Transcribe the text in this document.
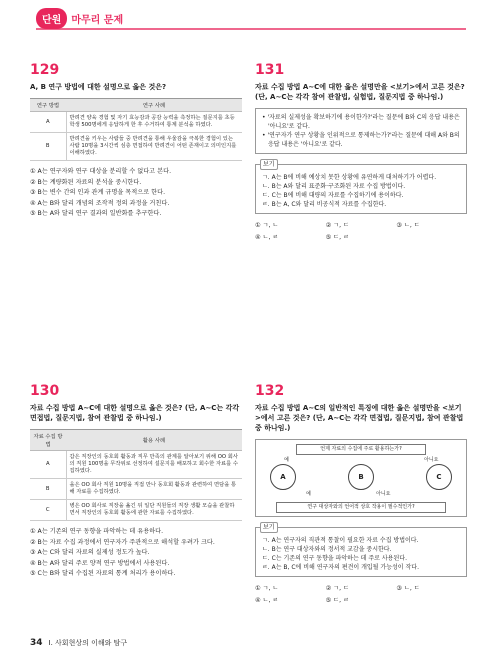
단원	마무리 문제
129
A, B 연구 방법에 대한 설명으로 옳은 것은?
연구 방법	연구 사례
A	반려견 양육 경험 및 자기 효능감과 공감 능력을 측정하는 질문지를 초등학생 500명에게 응답하게 한 후 수거하여 통계 분석을 하였다.
B	반려견을 키우는 사람들 중 반려견을 통해 우울감을 극복한 경험이 있는 사람 10명을 3시간씩 심층 면접하여 반려견이 어떤 존재이고 의미인지를 이해하였다.
① A는 연구자와 연구 대상을 분리할 수 없다고 본다.
② B는 계량화된 자료의 분석을 중시한다.
③ B는 변수 간의 인과 관계 규명을 목적으로 한다.
④ A는 B와 달리 개념의 조작적 정의 과정을 거친다.
⑤ B는 A와 달리 연구 결과의 일반화를 추구한다.
130
자료 수집 방법 A~C에 대한 설명으로 옳은 것은? (단, A~C는 각각 면접법, 질문지법, 참여 관찰법 중 하나임.)
자료 수집 방법	활용 사례
A	갑은 직장인의 동호회 활동과 직무 만족의 관계를 알아보기 위해 OO 회사의 직원 100명을 무작위로 선정하여 설문지를 배포하고 회수한 자료를 수집하였다.
B	을은 OO 회사 직원 10명을 직접 만나 동호회 활동과 관련하여 면담을 통해 자료를 수집하였다.
C	병은 OO 회사로 직장을 옮긴 뒤 일단 직원들의 직장 생활 모습을 관찰하면서 직장인의 동호회 활동에 관한 자료를 수집하였다.
① A는 기존의 연구 동향을 파악하는 데 유용하다.
② B는 자료 수집 과정에서 연구자가 주관적으로 해석할 우려가 크다.
③ A는 C와 달리 자료의 실제성 정도가 높다.
④ B는 A와 달리 주로 양적 연구 방법에서 사용된다.
⑤ C는 B와 달리 수집된 자료의 통계 처리가 용이하다.
131
자료 수집 방법 A~C에 대한 옳은 설명만을 <보기>에서 고른 것은? (단, A~C는 각각 참여 관찰법, 실험법, 질문지법 중 하나임.)
• '자료의 실제성을 확보하기에 용이한가?'라는 질문에 B와 C의 응답 내용은 '아니요'로 같다.
• '연구자가 연구 상황을 인위적으로 통제하는가?'라는 질문에 대해 A와 B의 응답 내용은 '아니요'로 같다.
보기
ㄱ. A는 B에 비해 예상치 못한 상황에 유연하게 대처하기가 어렵다.
ㄴ. B는 A와 달리 표준화·구조화된 자료 수집 방법이다.
ㄷ. C는 B에 비해 대량의 자료를 수집하기에 용이하다.
ㄹ. B는 A, C와 달리 비공식적 자료를 수집한다.
① ㄱ, ㄴ	② ㄱ, ㄷ	③ ㄴ, ㄷ
④ ㄴ, ㄹ	⑤ ㄷ, ㄹ
132
자료 수집 방법 A~C의 일반적인 특징에 대한 옳은 설명만을 <보기>에서 고른 것은? (단, A~C는 각각 면접법, 질문지법, 참여 관찰법 중 하나임.)
언제 자료의 수집에 주로 활용하는가?
예	아니요
A	B	C
예	아니요
연구 대상자와의 언어적 상호 작용이 필수적인가?
보기
ㄱ. A는 연구자의 직관적 통찰이 필요한 자료 수집 방법이다.
ㄴ. B는 연구 대상자와의 정서적 교감을 중시한다.
ㄷ. C는 기존의 연구 동향을 파악하는 데 주로 사용된다.
ㄹ. A는 B, C에 비해 연구자의 편견이 개입될 가능성이 작다.
① ㄱ, ㄴ	② ㄱ, ㄷ	③ ㄴ, ㄷ
④ ㄴ, ㄹ	⑤ ㄷ, ㄹ
34 Ⅰ. 사회현상의 이해와 탐구
